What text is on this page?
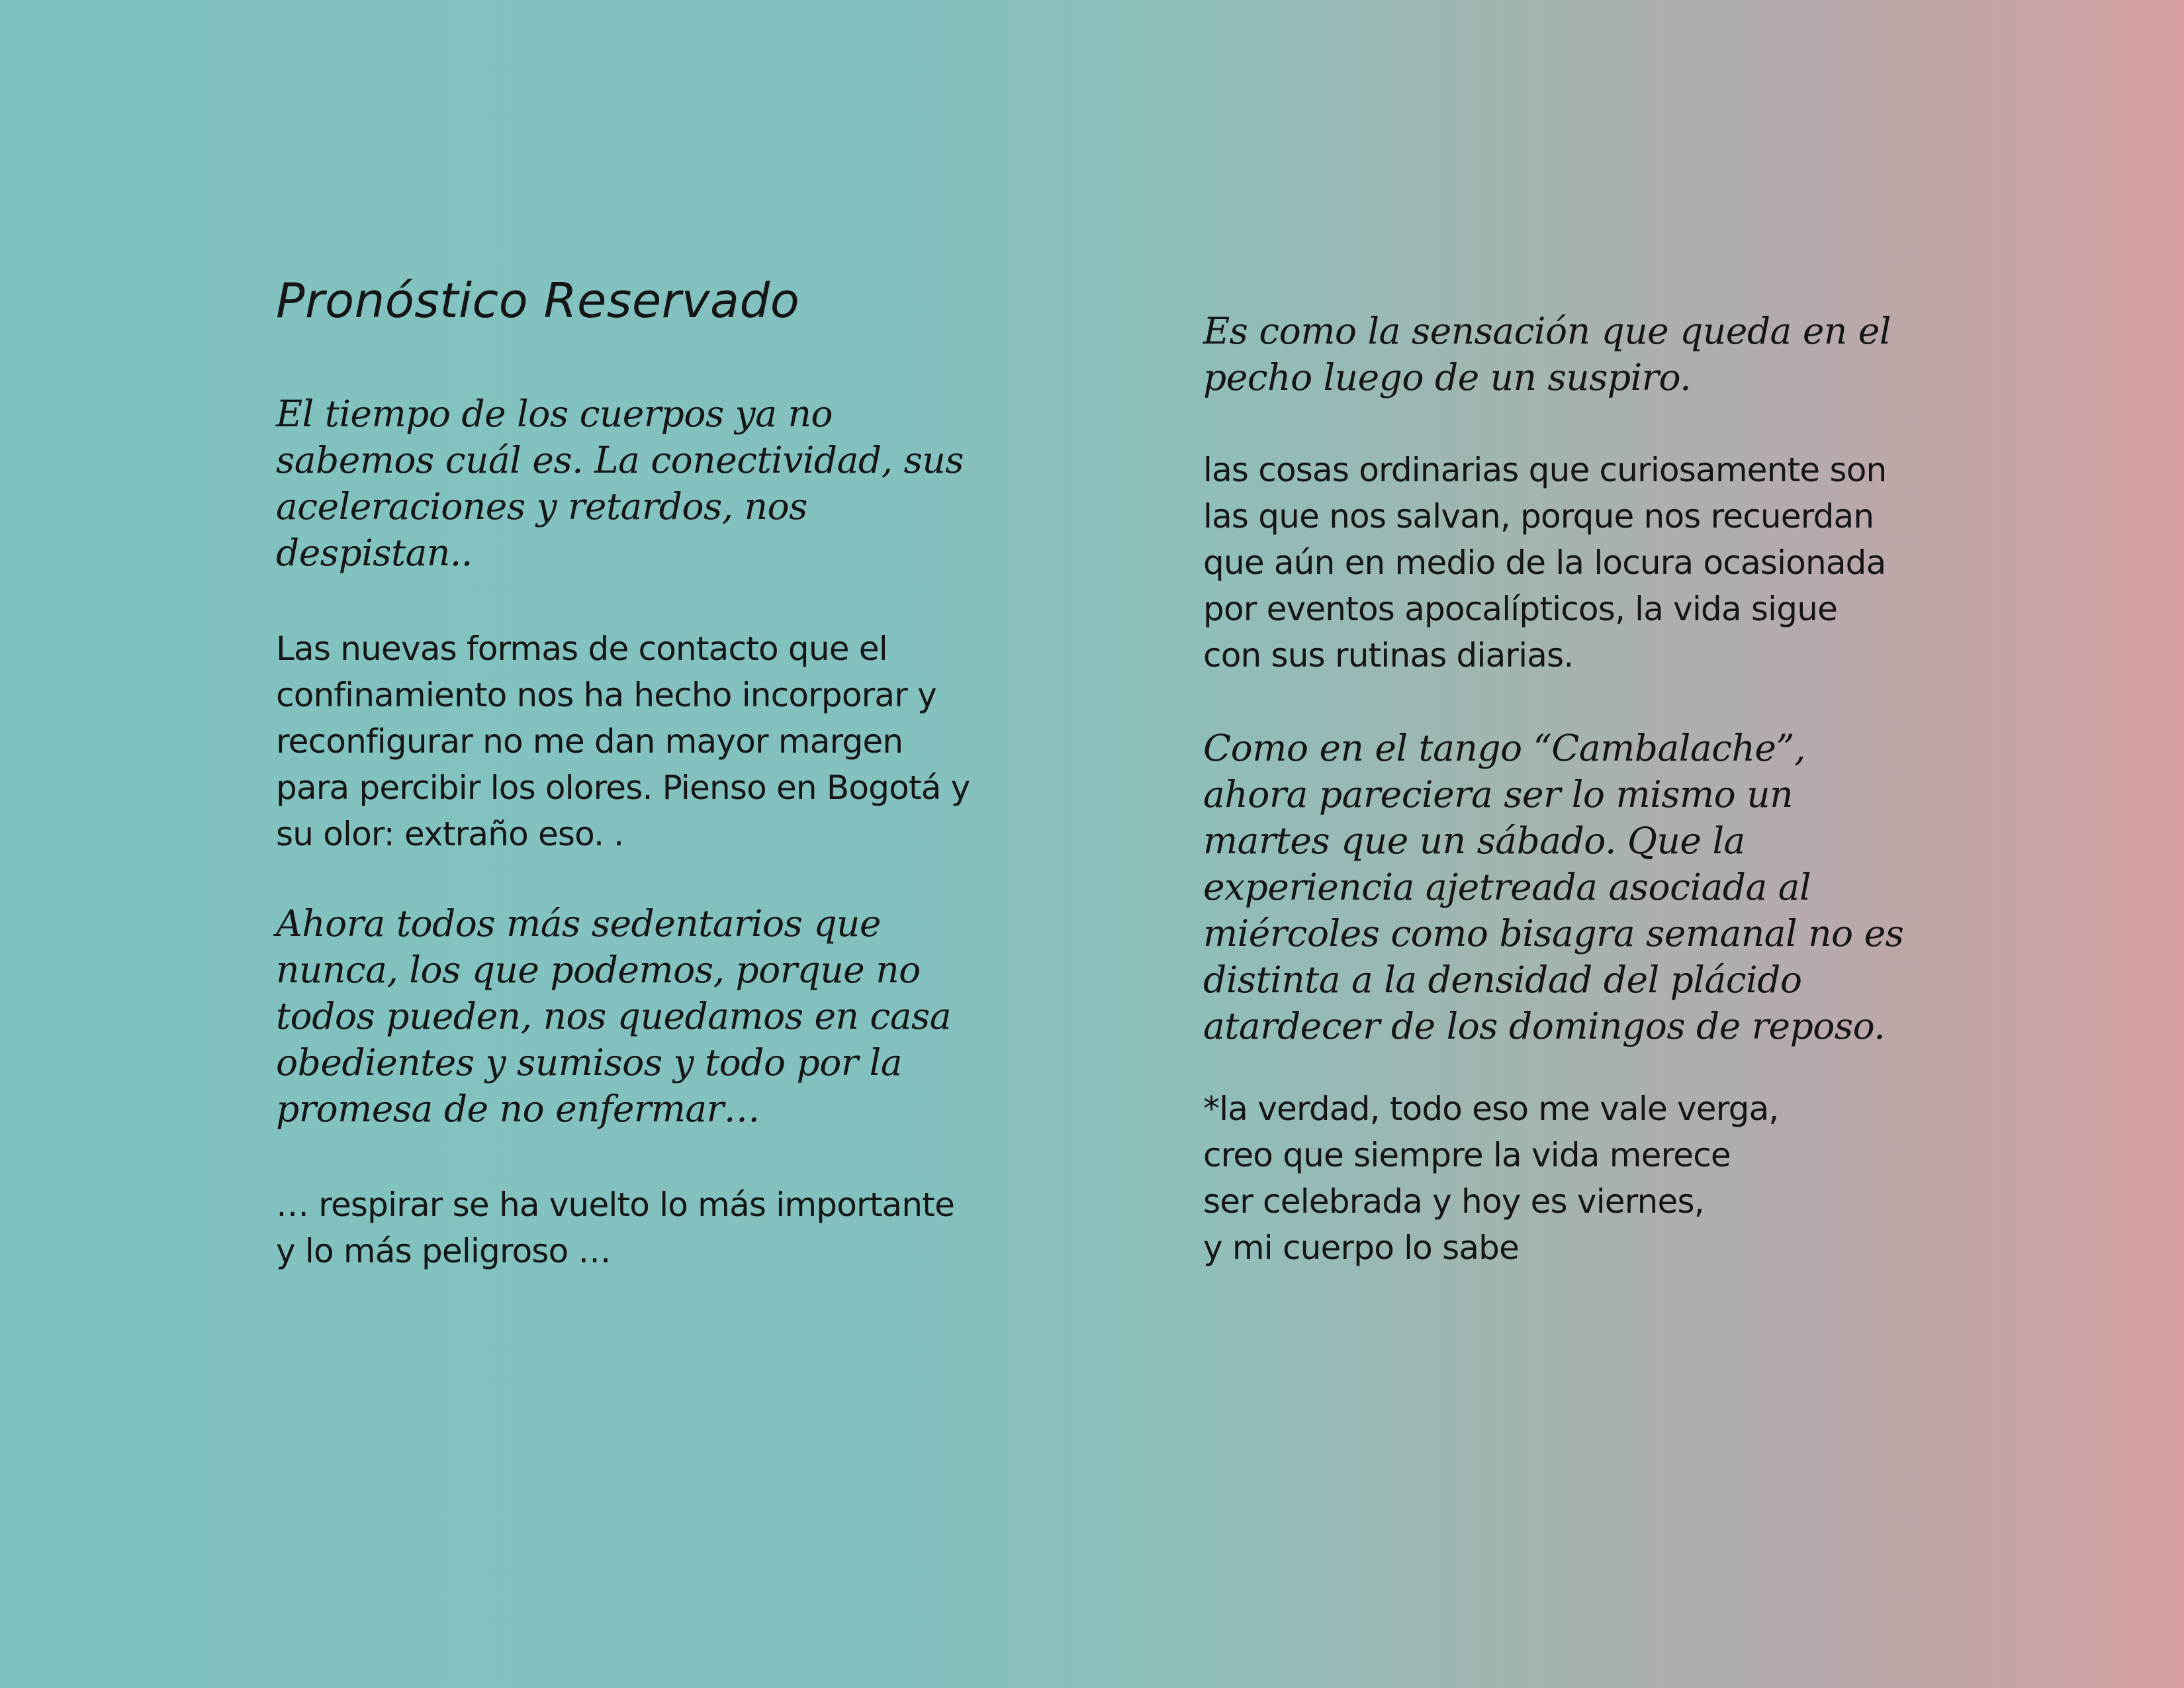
Pronóstico Reservado

El tiempo de los cuerpos ya no
sabemos cuál es. La conectividad, sus
aceleraciones y retardos, nos
despistan..

Las nuevas formas de contacto que el
confinamiento nos ha hecho incorporar y
reconfigurar no me dan mayor margen
para percibir los olores. Pienso en Bogotá y
su olor: extraño eso. .

Ahora todos más sedentarios que
nunca, los que podemos, porque no
todos pueden, nos quedamos en casa
obedientes y sumisos y todo por la
promesa de no enfermar…

… respirar se ha vuelto lo más importante
y lo más peligroso …

Es como la sensación que queda en el
pecho luego de un suspiro.

las cosas ordinarias que curiosamente son
las que nos salvan, porque nos recuerdan
que aún en medio de la locura ocasionada
por eventos apocalípticos, la vida sigue
con sus rutinas diarias.

Como en el tango “Cambalache”,
ahora pareciera ser lo mismo un
martes que un sábado. Que la
experiencia ajetreada asociada al
miércoles como bisagra semanal no es
distinta a la densidad del plácido
atardecer de los domingos de reposo.

*la verdad, todo eso me vale verga,
creo que siempre la vida merece
ser celebrada y hoy es viernes,
y mi cuerpo lo sabe
